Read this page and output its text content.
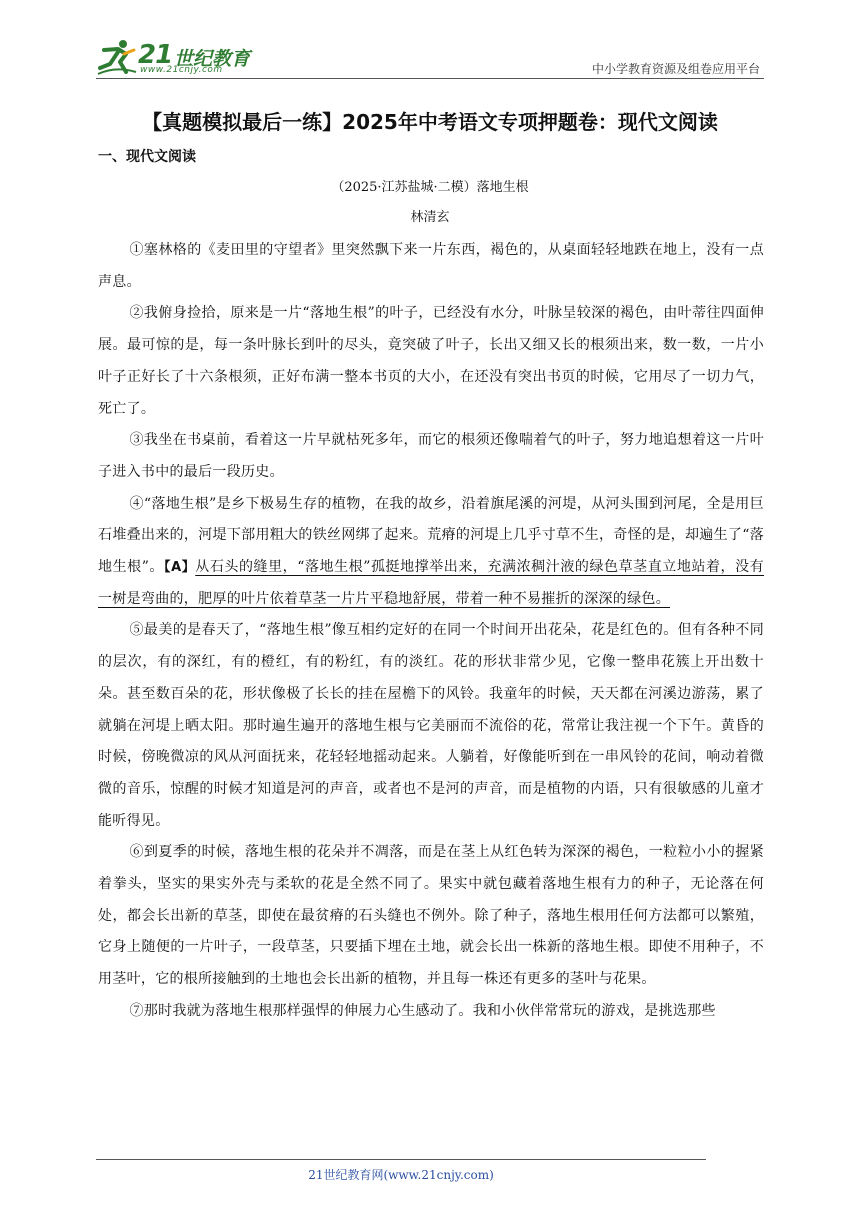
21 世纪教育
www.21cnjy.com	中小学教育资源及组卷应用平台
【真题模拟最后一练】2025年中考语文专项押题卷：现代文阅读
一、现代文阅读
（2025·江苏盐城·二模）落地生根
林清玄

①塞林格的《麦田里的守望者》里突然飘下来一片东西，褐色的，从桌面轻轻地跌在地上，没有一点声息。

②我俯身捡拾，原来是一片“落地生根”的叶子，已经没有水分，叶脉呈较深的褐色，由叶蒂往四面伸展。最可惊的是，每一条叶脉长到叶的尽头，竟突破了叶子，长出又细又长的根须出来，数一数，一片小叶子正好长了十六条根须，正好布满一整本书页的大小，在还没有突出书页的时候，它用尽了一切力气，死亡了。

③我坐在书桌前，看着这一片早就枯死多年，而它的根须还像喘着气的叶子，努力地追想着这一片叶子进入书中的最后一段历史。

④“落地生根”是乡下极易生存的植物，在我的故乡，沿着旗尾溪的河堤，从河头围到河尾，全是用巨石堆叠出来的，河堤下部用粗大的铁丝网绑了起来。荒瘠的河堤上几乎寸草不生，奇怪的是，却遍生了“落地生根”。【A】从石头的缝里，“落地生根”孤挺地撑举出来，充满浓稠汁液的绿色草茎直立地站着，没有一树是弯曲的，肥厚的叶片依着草茎一片片平稳地舒展，带着一种不易摧折的深深的绿色。

⑤最美的是春天了，“落地生根”像互相约定好的在同一个时间开出花朵，花是红色的。但有各种不同的层次，有的深红，有的橙红，有的粉红，有的淡红。花的形状非常少见，它像一整串花簇上开出数十朵。甚至数百朵的花，形状像极了长长的挂在屋檐下的风铃。我童年的时候，天天都在河溪边游荡，累了就躺在河堤上晒太阳。那时遍生遍开的落地生根与它美丽而不流俗的花，常常让我注视一个下午。黄昏的时候，傍晚微凉的风从河面抚来，花轻轻地摇动起来。人躺着，好像能听到在一串风铃的花间，响动着微微的音乐，惊醒的时候才知道是河的声音，或者也不是河的声音，而是植物的内语，只有很敏感的儿童才能听得见。

⑥到夏季的时候，落地生根的花朵并不凋落，而是在茎上从红色转为深深的褐色，一粒粒小小的握紧着拳头，坚实的果实外壳与柔软的花是全然不同了。果实中就包藏着落地生根有力的种子，无论落在何处，都会长出新的草茎，即使在最贫瘠的石头缝也不例外。除了种子，落地生根用任何方法都可以繁殖，它身上随便的一片叶子，一段草茎，只要插下埋在土地，就会长出一株新的落地生根。即使不用种子，不用茎叶，它的根所接触到的土地也会长出新的植物，并且每一株还有更多的茎叶与花果。

⑦那时我就为落地生根那样强悍的伸展力心生感动了。我和小伙伴常常玩的游戏，是挑选那些

21世纪教育网(www.21cnjy.com)
